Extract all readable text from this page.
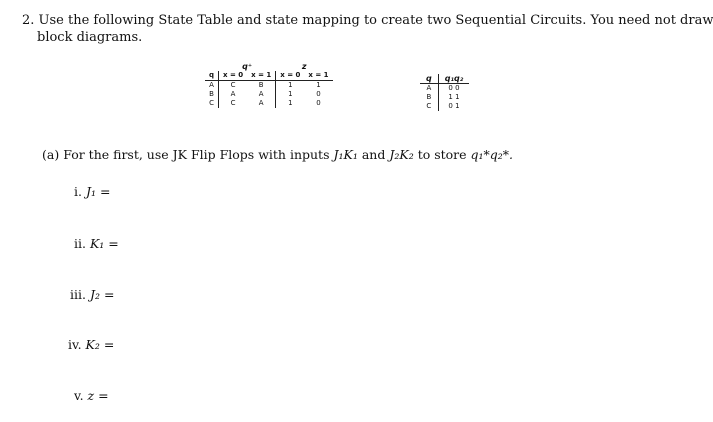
2. Use the following State Table and state mapping to create two Sequential Circuits. You need not draw
block diagrams.
	q⁺		z	
q	x = 0	x = 1	x = 0	x = 1
A	C	B	1	1
B	A	A	1	0
C	C	A	1	0
q	q₁q₂
A	0 0
B	1 1
C	0 1
(a) For the first, use JK Flip Flops with inputs J₁K₁ and J₂K₂ to store q₁*q₂*.
i. J₁ =
ii. K₁ =
iii. J₂ =
iv. K₂ =
v. z =
